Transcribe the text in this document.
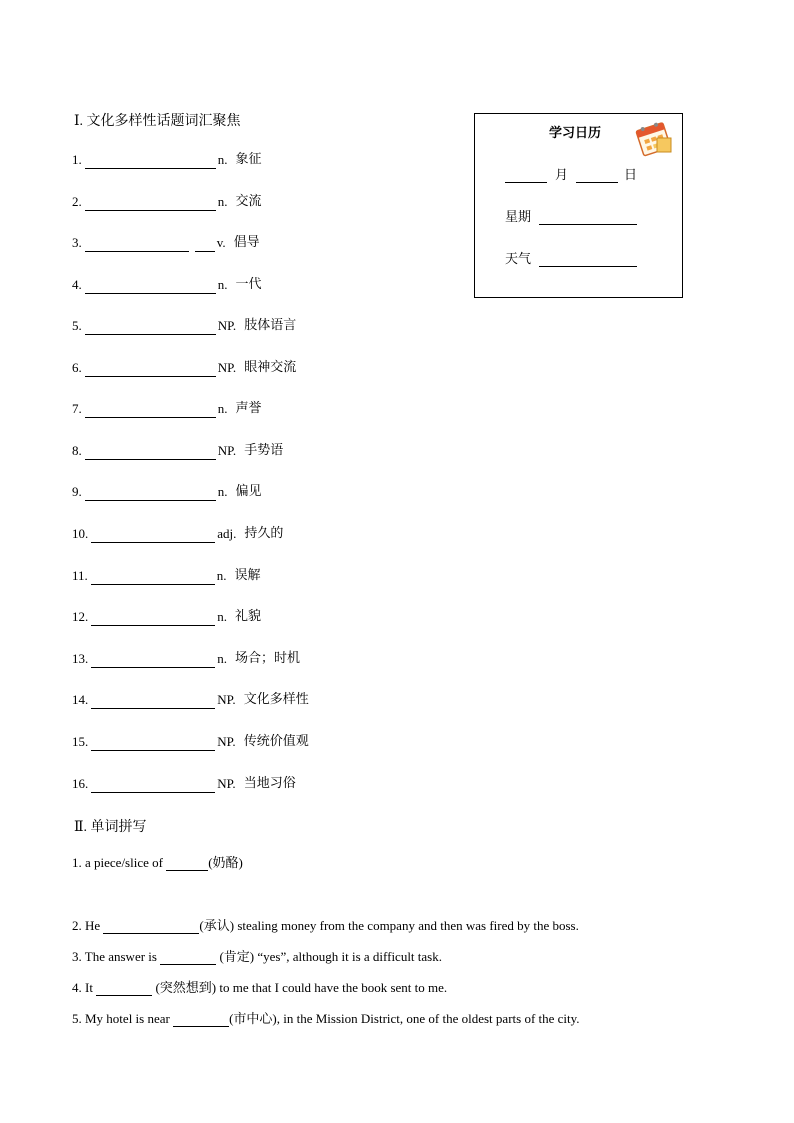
Ⅰ. 文化多样性话题词汇聚焦
1.	n. 象征
2.	n. 交流
3.	v. 倡导
4.	n. 一代
5.	NP. 肢体语言
6.	NP. 眼神交流
7.	n. 声誉
8.	NP. 手势语
9.	n. 偏见
10.	adj. 持久的
11.	n. 误解
12.	n. 礼貌
13.	n. 场合；时机
14.	NP. 文化多样性
15.	NP. 传统价值观
16.	NP. 当地习俗
学习日历
月	日
星期
天气
Ⅱ. 单词拼写
1. a piece/slice of	(奶酪)
2. He	(承认) stealing money from the company and then was fired by the boss.
3. The answer is	(肯定) “yes”, although it is a difficult task.
4. It	(突然想到) to me that I could have the book sent to me.
5. My hotel is near	(市中心), in the Mission District, one of the oldest parts of the city.
